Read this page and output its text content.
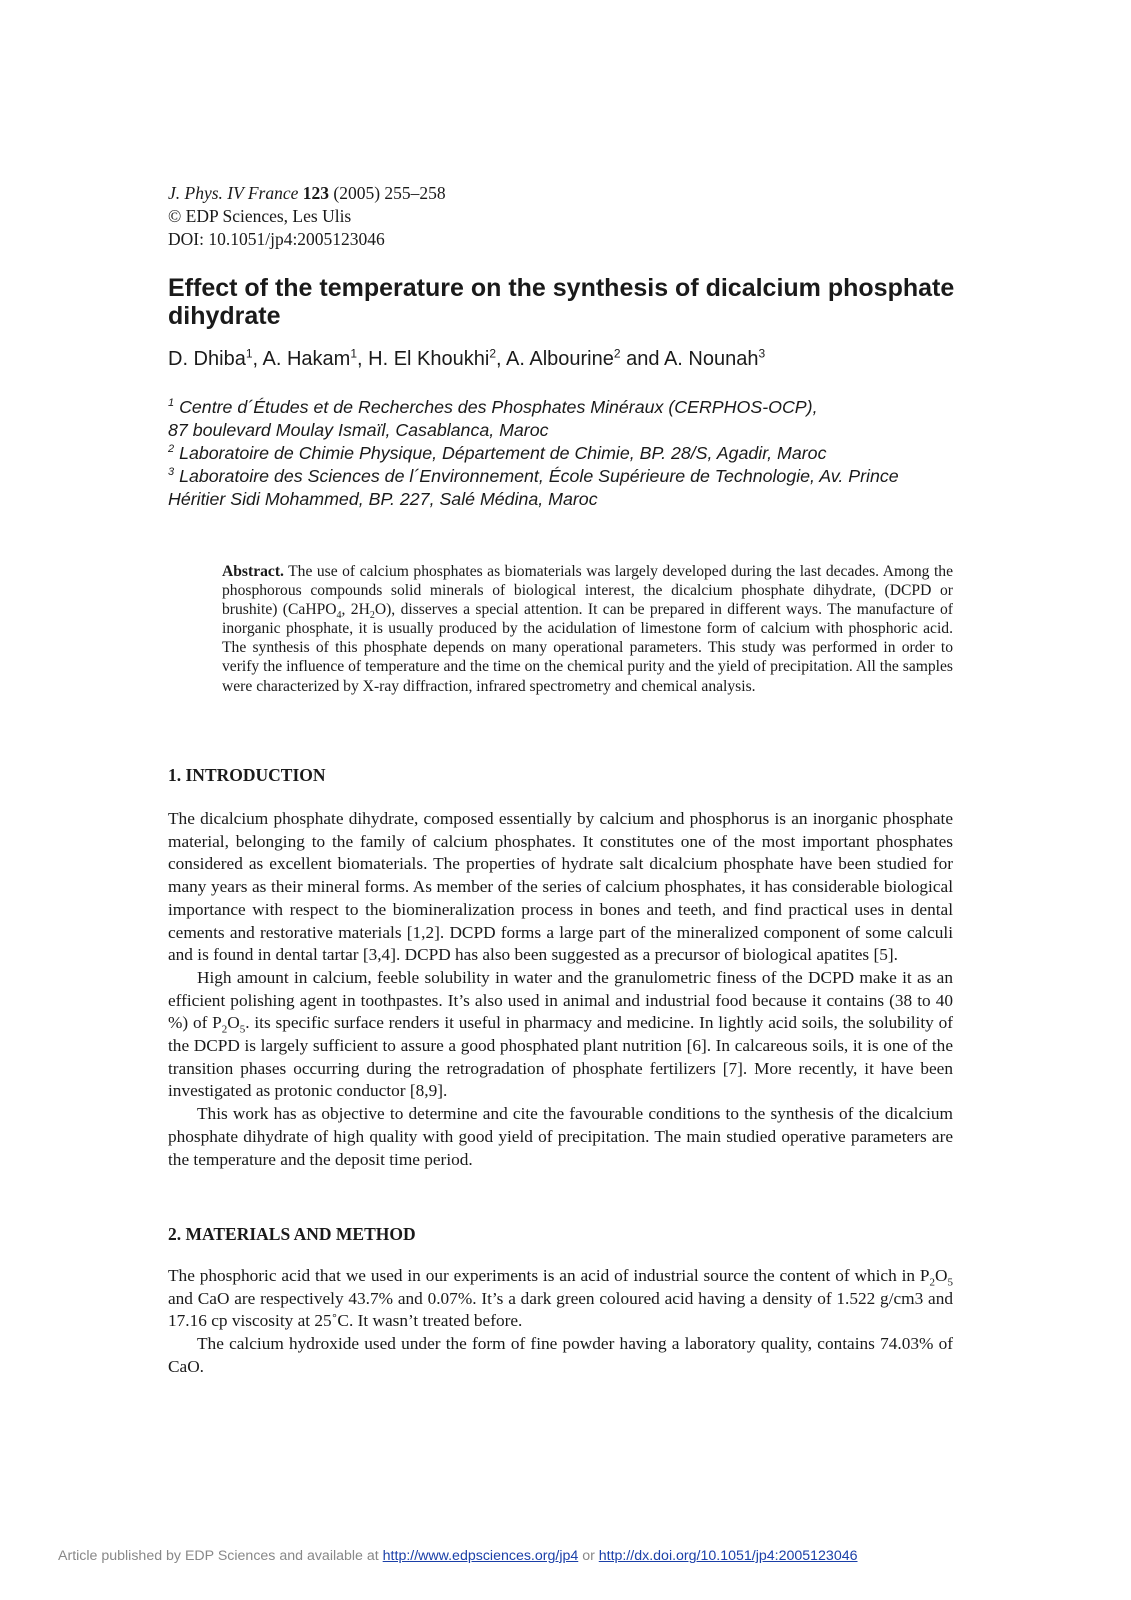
J. Phys. IV France 123 (2005) 255–258
© EDP Sciences, Les Ulis
DOI: 10.1051/jp4:2005123046
Effect of the temperature on the synthesis of dicalcium phosphate dihydrate
D. Dhiba$^1$, A. Hakam$^1$, H. El Khoukhi$^2$, A. Albourine$^2$ and A. Nounah$^3$
$^1$ Centre d´Études et de Recherches des Phosphates Minéraux (CERPHOS-OCP),
87 boulevard Moulay Ismaïl, Casablanca, Maroc
$^2$ Laboratoire de Chimie Physique, Département de Chimie, BP. 28/S, Agadir, Maroc
$^3$ Laboratoire des Sciences de l´Environnement, École Supérieure de Technologie, Av. Prince
Héritier Sidi Mohammed, BP. 227, Salé Médina, Maroc
Abstract. The use of calcium phosphates as biomaterials was largely developed during the last decades. Among the phosphorous compounds solid minerals of biological interest, the dicalcium phosphate dihydrate, (DCPD or brushite) (CaHPO$_4$, $2H_2O$), disserves a special attention. It can be prepared in different ways. The manufacture of inorganic phosphate, it is usually produced by the acidulation of limestone form of calcium with phosphoric acid. The synthesis of this phosphate depends on many operational parameters. This study was performed in order to verify the influence of temperature and the time on the chemical purity and the yield of precipitation. All the samples were characterized by X-ray diffraction, infrared spectrometry and chemical analysis.
1. INTRODUCTION

The dicalcium phosphate dihydrate, composed essentially by calcium and phosphorus is an inorganic phosphate material, belonging to the family of calcium phosphates. It constitutes one of the most important phosphates considered as excellent biomaterials. The properties of hydrate salt dicalcium phosphate have been studied for many years as their mineral forms. As member of the series of calcium phosphates, it has considerable biological importance with respect to the biomineralization process in bones and teeth, and find practical uses in dental cements and restorative materials [1,2]. DCPD forms a large part of the mineralized component of some calculi and is found in dental tartar [3,4]. DCPD has also been suggested as a precursor of biological apatites [5].

High amount in calcium, feeble solubility in water and the granulometric finess of the DCPD make it as an efficient polishing agent in toothpastes. It’s also used in animal and industrial food because it contains (38 to 40 %) of $P_2O_5$. its specific surface renders it useful in pharmacy and medicine. In lightly acid soils, the solubility of the DCPD is largely sufficient to assure a good phosphated plant nutrition [6]. In calcareous soils, it is one of the transition phases occurring during the retrogradation of phosphate fertilizers [7]. More recently, it have been investigated as protonic conductor [8,9].

This work has as objective to determine and cite the favourable conditions to the synthesis of the dicalcium phosphate dihydrate of high quality with good yield of precipitation. The main studied operative parameters are the temperature and the deposit time period.

2. MATERIALS AND METHOD

The phosphoric acid that we used in our experiments is an acid of industrial source the content of which in $P_2O_5$ and CaO are respectively 43.7% and 0.07%. It’s a dark green coloured acid having a density of 1.522 g/cm3 and 17.16 cp viscosity at 25˚C. It wasn’t treated before.

The calcium hydroxide used under the form of fine powder having a laboratory quality, contains 74.03% of CaO.

Article published by EDP Sciences and available at http://www.edpsciences.org/jp4 or http://dx.doi.org/10.1051/jp4:2005123046
